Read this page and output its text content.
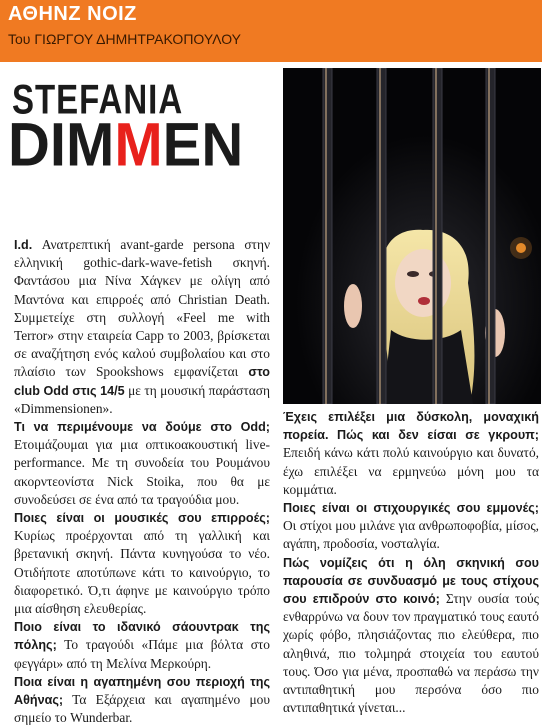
ΑΘΗΝΖ ΝΟΙΖ
Του ΓΙΩΡΓΟΥ ΔΗΜΗΤΡΑΚΟΠΟΥΛΟΥ
STEFANIA
DIMMEN

I.d. Ανατρεπτική avant-garde persona στην ελληνική gothic-dark-wave-fetish σκηνή. Φαντάσου μια Νίνα Χάγκεν με ολίγη από Μαντόνα και επιρροές από Christian Death. Συμμετείχε στη συλλογή «Feel me with Terror» στην εταιρεία Capp το 2003, βρίσκεται σε αναζήτηση ενός καλού συμβολαίου και στο πλαίσιο των Spookshows εμφανίζεται στο club Odd στις 14/5 με τη μουσική παράσταση «Dimmensionen».

Τι να περιμένουμε να δούμε στο Odd; Ετοιμάζουμαι για μια οπτικοακουστική live-performance. Με τη συνοδεία του Ρουμάνου ακορντεονίστα Nick Stoika, που θα με συνοδεύσει σε ένα από τα τραγούδια μου.

Ποιες είναι οι μουσικές σου επιρροές; Κυρίως προέρχονται από τη γαλλική και βρετανική σκηνή. Πάντα κυνηγούσα το νέο. Οτιδήποτε αποτύπωνε κάτι το καινούργιο, το διαφορετικό. Ό,τι άφηνε με καινούργιο τρόπο μια αίσθηση ελευθερίας.

Ποιο είναι το ιδανικό σάουντρακ της πόλης; Το τραγούδι «Πάμε μια βόλτα στο φεγγάρι» από τη Μελίνα Μερκούρη.

Ποια είναι η αγαπημένη σου περιοχή της Αθήνας; Τα Εξάρχεια και αγαπημένο μου σημείο το Wunderbar.

Έχεις επιλέξει μια δύσκολη, μοναχική πορεία. Πώς και δεν είσαι σε γκρουπ; Επειδή κάνω κάτι πολύ καινούργιο και δυνατό, έχω επιλέξει να ερμηνεύω μόνη μου τα κομμάτια.

Ποιες είναι οι στιχουργικές σου εμμονές; Οι στίχοι μου μιλάνε για ανθρωποφοβία, μίσος, αγάπη, προδοσία, νοσταλγία.

Πώς νομίζεις ότι η όλη σκηνική σου παρουσία σε συνδυασμό με τους στίχους σου επιδρούν στο κοινό; Στην ουσία τούς ενθαρρύνω να δουν τον πραγματικό τους εαυτό χωρίς φόβο, πλησιάζοντας πιο ελεύθερα, πιο αληθινά, πιο τολμηρά στοιχεία του εαυτού τους. Όσο για μένα, προσπαθώ να περάσω την αντιπαθητική μου περσόνα όσο πιο αντιπαθητικά γίνεται...
